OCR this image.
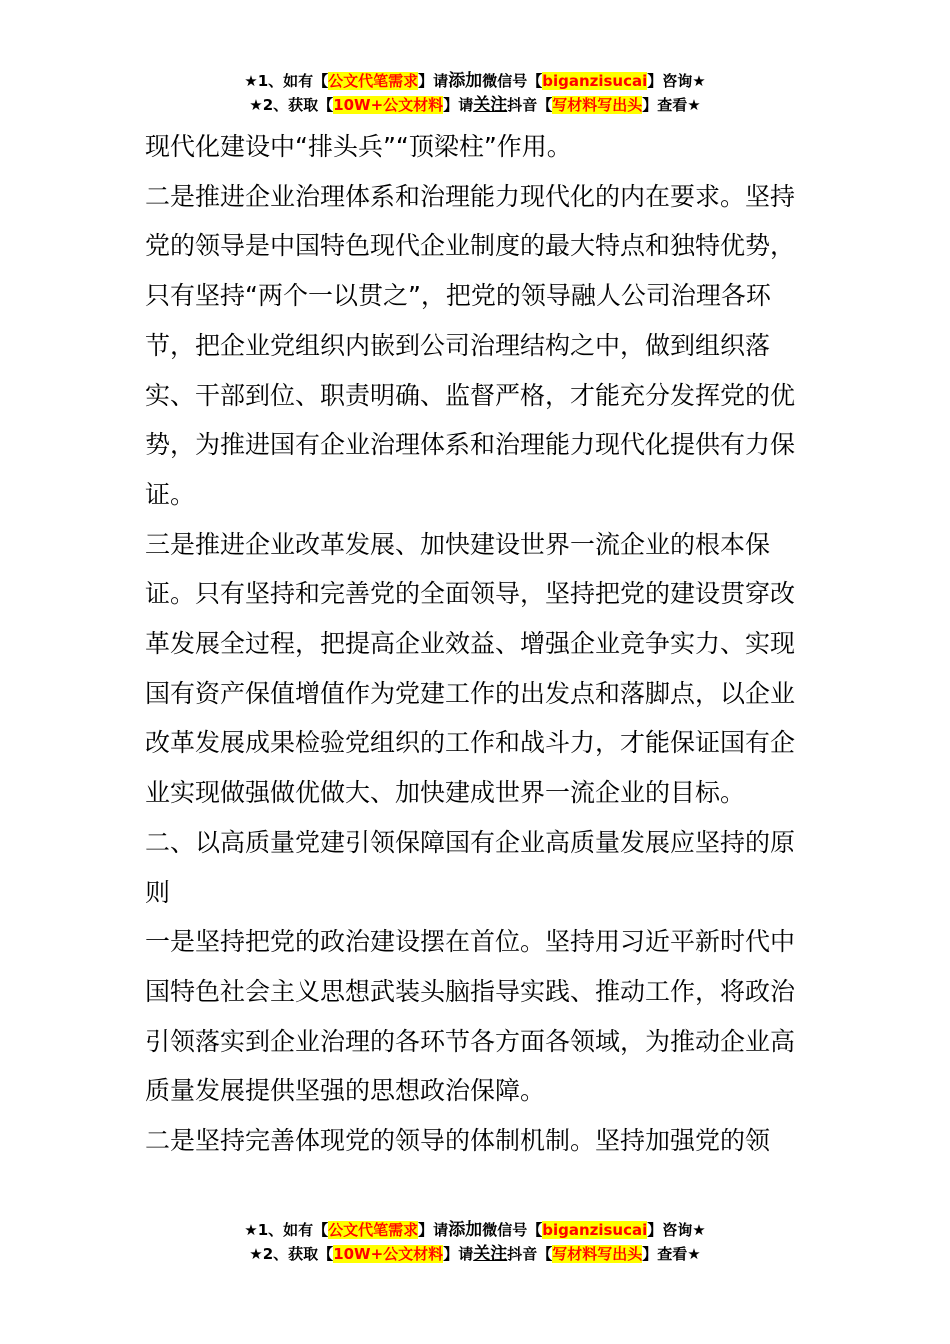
★1、如有【公文代笔需求】请添加微信号【biganzisucai】咨询★
★2、获取【10W+公文材料】请关注抖音【写材料写出头】查看★

现代化建设中“排头兵”“顶梁柱”作用。

二是推进企业治理体系和治理能力现代化的内在要求。坚持党的领导是中国特色现代企业制度的最大特点和独特优势，只有坚持“两个一以贯之”，把党的领导融人公司治理各环节，把企业党组织内嵌到公司治理结构之中，做到组织落实、干部到位、职责明确、监督严格，才能充分发挥党的优势，为推进国有企业治理体系和治理能力现代化提供有力保证。

三是推进企业改革发展、加快建设世界一流企业的根本保证。只有坚持和完善党的全面领导，坚持把党的建设贯穿改革发展全过程，把提高企业效益、增强企业竞争实力、实现国有资产保值增值作为党建工作的出发点和落脚点，以企业改革发展成果检验党组织的工作和战斗力，才能保证国有企业实现做强做优做大、加快建成世界一流企业的目标。

二、以高质量党建引领保障国有企业高质量发展应坚持的原则

一是坚持把党的政治建设摆在首位。坚持用习近平新时代中国特色社会主义思想武装头脑指导实践、推动工作，将政治引领落实到企业治理的各环节各方面各领域，为推动企业高质量发展提供坚强的思想政治保障。

二是坚持完善体现党的领导的体制机制。坚持加强党的领

★1、如有【公文代笔需求】请添加微信号【biganzisucai】咨询★
★2、获取【10W+公文材料】请关注抖音【写材料写出头】查看★
